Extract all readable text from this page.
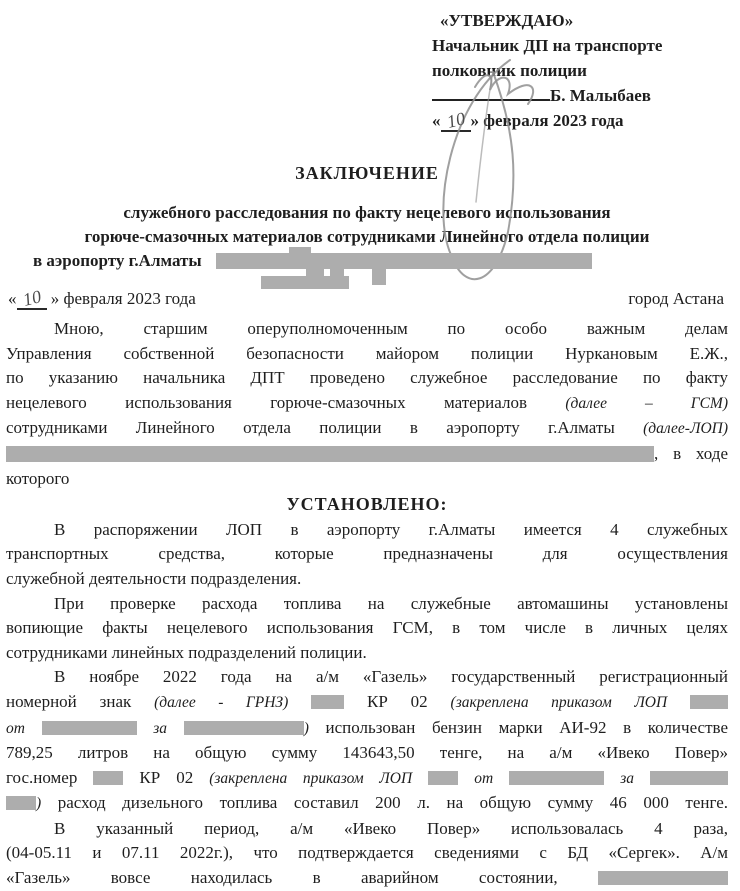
«УТВЕРЖДАЮ»
Начальник ДП на транспорте
полковник полиции
Б. Малыбаев
« 10 » февраля 2023 года
ЗАКЛЮЧЕНИЕ
служебного расследования по факту нецелевого использования
горюче-смазочных материалов сотрудниками Линейного отдела полиции
в аэропорту г.Алматы
« 10 » февраля 2023 года	город Астана
Мною, старшим оперуполномоченным по особо важным делам
Управления собственной безопасности майором полиции Нуркановым Е.Ж.,
по указанию начальника ДПТ проведено служебное расследование по факту
нецелевого использования горюче-смазочных материалов (далее – ГСМ)
сотрудниками Линейного отдела полиции в аэропорту г.Алматы (далее-ЛОП)
, в ходе
которого
УСТАНОВЛЕНО:
В распоряжении ЛОП в аэропорту г.Алматы имеется 4 служебных
транспортных средства, которые предназначены для осуществления
служебной деятельности подразделения.
При проверке расхода топлива на служебные автомашины установлены
вопиющие факты нецелевого использования ГСМ, в том числе в личных целях
сотрудниками линейных подразделений полиции.
В ноябре 2022 года на а/м «Газель» государственный регистрационный
номерной знак (далее - ГРНЗ)	КР 02 (закреплена приказом ЛОП
от	за	) использован бензин марки АИ-92 в количестве
789,25 литров на общую сумму 143643,50 тенге, на а/м «Ивеко Повер»
гос.номер	КР 02 (закреплена приказом ЛОП	от	за
) расход дизельного топлива составил 200 л. на общую сумму 46 000 тенге.
В указанный период, а/м «Ивеко Повер» использовалась 4 раза,
(04-05.11 и 07.11 2022г.), что подтверждается сведениями с БД «Сергек». А/м
«Газель» вовсе находилась в аварийном состоянии,
